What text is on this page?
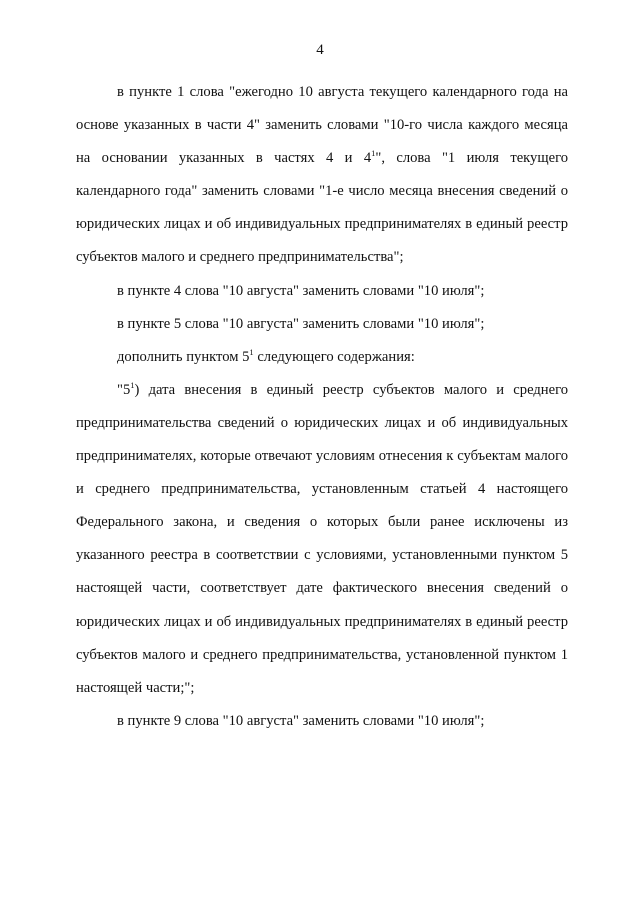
4

в пункте 1 слова "ежегодно 10 августа текущего календарного года на основе указанных в части 4" заменить словами "10-го числа каждого месяца на основании указанных в частях 4 и $4^1$", слова "1 июля текущего календарного года" заменить словами "1-е число месяца внесения сведений о юридических лицах и об индивидуальных предпринимателях в единый реестр субъектов малого и среднего предпринимательства";

в пункте 4 слова "10 августа" заменить словами "10 июля";

в пункте 5 слова "10 августа" заменить словами "10 июля";

дополнить пунктом $5^1$ следующего содержания:

"$5^1$) дата внесения в единый реестр субъектов малого и среднего предпринимательства сведений о юридических лицах и об индивидуальных предпринимателях, которые отвечают условиям отнесения к субъектам малого и среднего предпринимательства, установленным статьей 4 настоящего Федерального закона, и сведения о которых были ранее исключены из указанного реестра в соответствии с условиями, установленными пунктом 5 настоящей части, соответствует дате фактического внесения сведений о юридических лицах и об индивидуальных предпринимателях в единый реестр субъектов малого и среднего предпринимательства, установленной пунктом 1 настоящей части;";

в пункте 9 слова "10 августа" заменить словами "10 июля";
